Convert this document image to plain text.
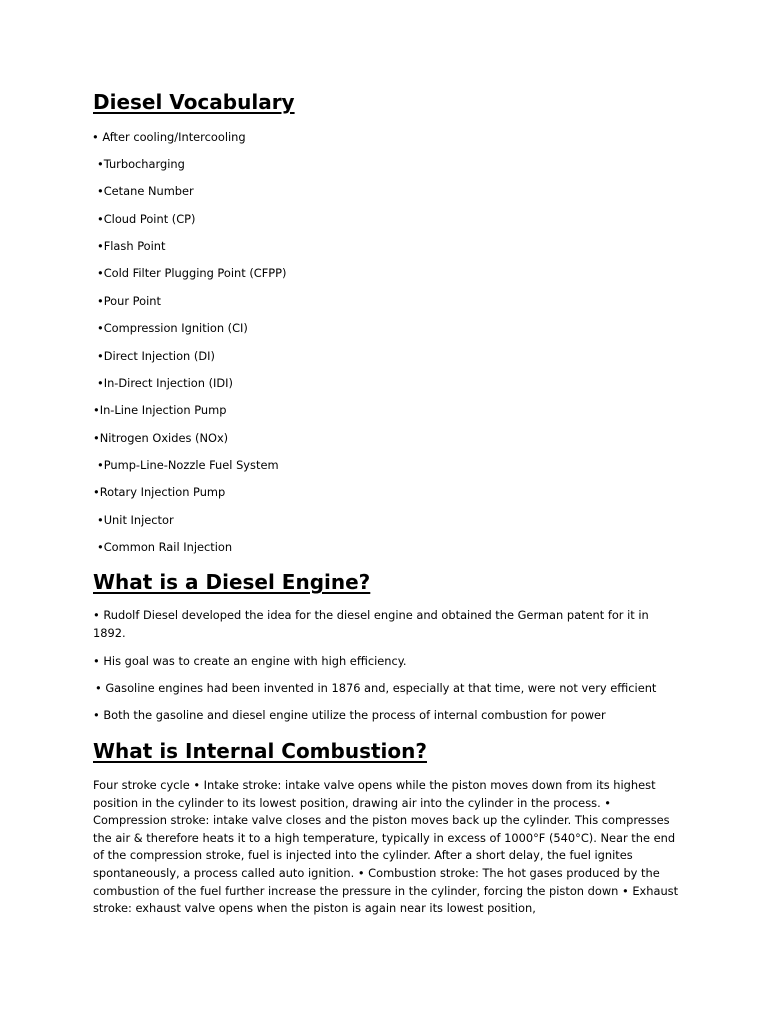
Diesel Vocabulary

• After cooling/Intercooling

•Turbocharging

•Cetane Number

•Cloud Point (CP)

•Flash Point

•Cold Filter Plugging Point (CFPP)

•Pour Point

•Compression Ignition (CI)

•Direct Injection (DI)

•In-Direct Injection (IDI)

•In-Line Injection Pump

•Nitrogen Oxides (NOx)

•Pump-Line-Nozzle Fuel System

•Rotary Injection Pump

•Unit Injector

•Common Rail Injection

What is a Diesel Engine?

• Rudolf Diesel developed the idea for the diesel engine and obtained the German patent for it in 1892.

• His goal was to create an engine with high efficiency.

• Gasoline engines had been invented in 1876 and, especially at that time, were not very efficient

• Both the gasoline and diesel engine utilize the process of internal combustion for power

What is Internal Combustion?

Four stroke cycle • Intake stroke: intake valve opens while the piston moves down from its highest position in the cylinder to its lowest position, drawing air into the cylinder in the process. • Compression stroke: intake valve closes and the piston moves back up the cylinder. This compresses the air & therefore heats it to a high temperature, typically in excess of 1000°F (540°C). Near the end of the compression stroke, fuel is injected into the cylinder. After a short delay, the fuel ignites spontaneously, a process called auto ignition. • Combustion stroke: The hot gases produced by the combustion of the fuel further increase the pressure in the cylinder, forcing the piston down • Exhaust stroke: exhaust valve opens when the piston is again near its lowest position,
